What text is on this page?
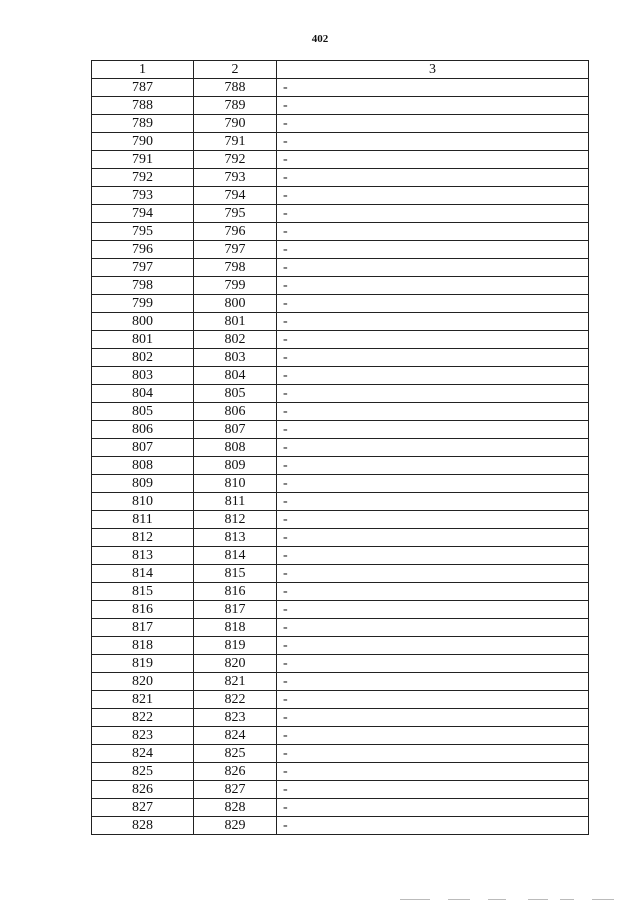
402
1	2	3
787	788	-
788	789	-
789	790	-
790	791	-
791	792	-
792	793	-
793	794	-
794	795	-
795	796	-
796	797	-
797	798	-
798	799	-
799	800	-
800	801	-
801	802	-
802	803	-
803	804	-
804	805	-
805	806	-
806	807	-
807	808	-
808	809	-
809	810	-
810	811	-
811	812	-
812	813	-
813	814	-
814	815	-
815	816	-
816	817	-
817	818	-
818	819	-
819	820	-
820	821	-
821	822	-
822	823	-
823	824	-
824	825	-
825	826	-
826	827	-
827	828	-
828	829	-
